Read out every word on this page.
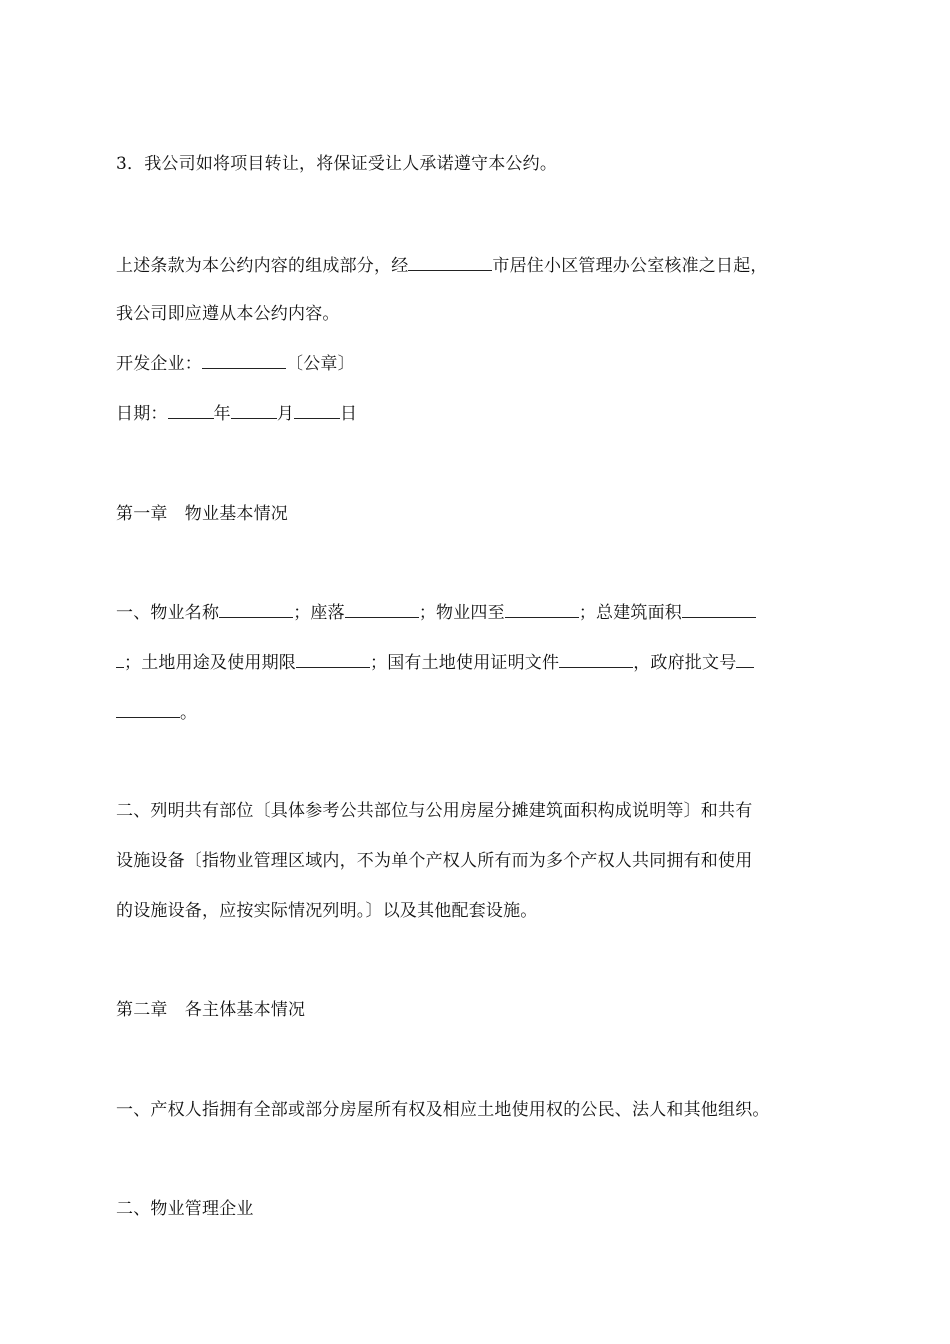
3．我公司如将项目转让，将保证受让人承诺遵守本公约。
上述条款为本公约内容的组成部分，经	市居住小区管理办公室核准之日起，
我公司即应遵从本公约内容。
开发企业：	〔公章〕
日期：	年	月	日
第一章　物业基本情况
一、物业名称	；座落	；物业四至	；总建筑面积
；土地用途及使用期限	；国有土地使用证明文件	，政府批文号
。
二、列明共有部位〔具体参考公共部位与公用房屋分摊建筑面积构成说明等〕和共有
设施设备〔指物业管理区域内，不为单个产权人所有而为多个产权人共同拥有和使用
的设施设备，应按实际情况列明。〕以及其他配套设施。
第二章　各主体基本情况
一、产权人指拥有全部或部分房屋所有权及相应土地使用权的公民、法人和其他组织。
二、物业管理企业
